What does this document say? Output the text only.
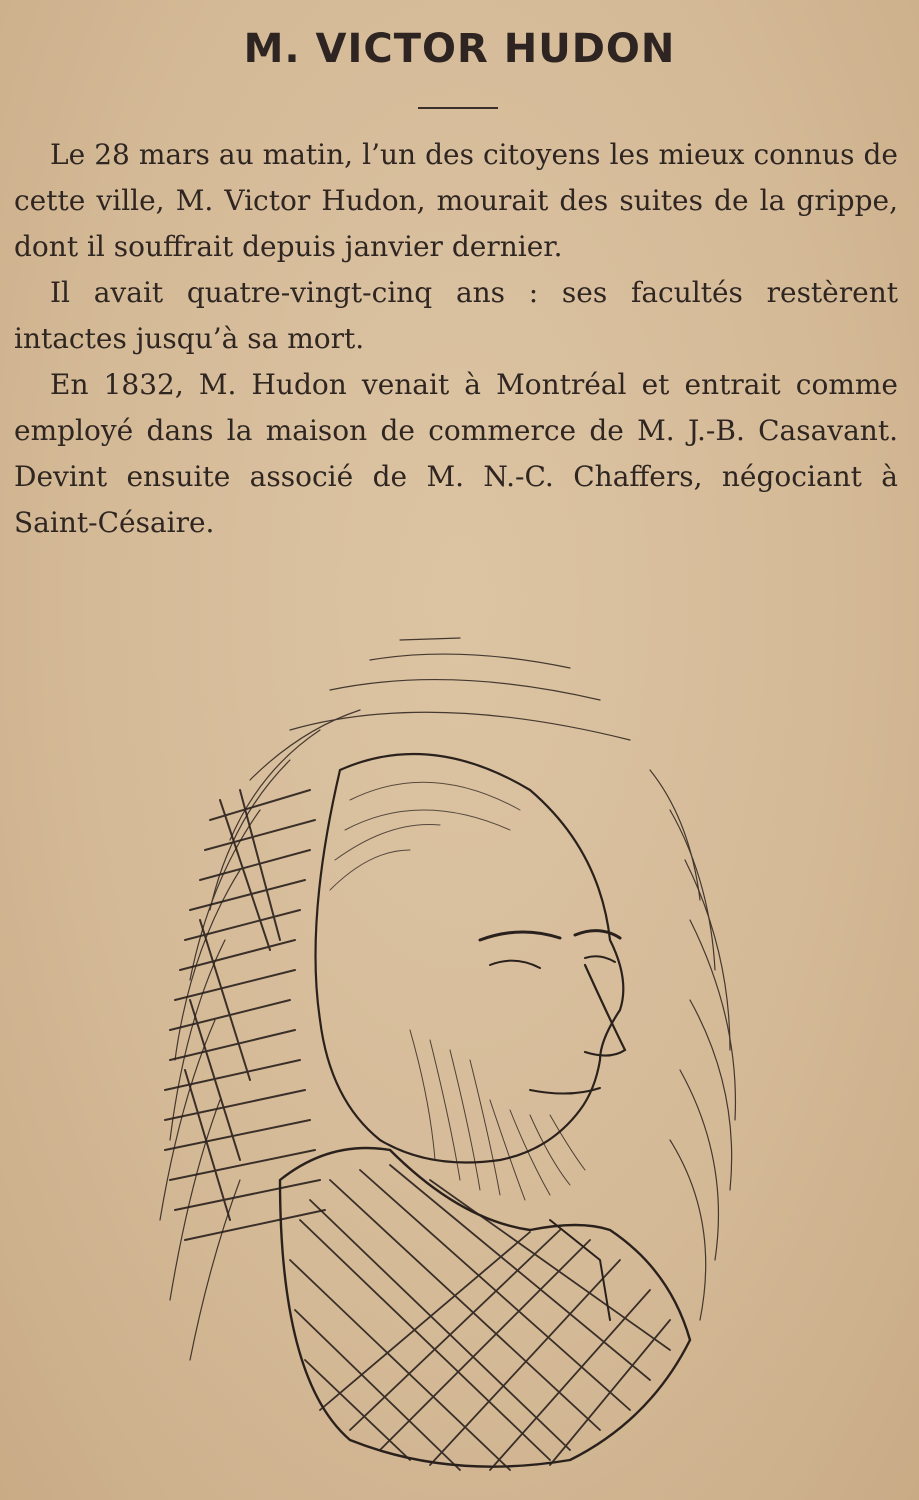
M. VICTOR HUDON

Le 28 mars au matin, l’un des citoyens les mieux connus de cette ville, M. Victor Hudon, mourait des suites de la grippe, dont il souffrait depuis janvier dernier.

Il avait quatre-vingt-cinq ans : ses facultés restèrent intactes jusqu’à sa mort.

En 1832, M. Hudon venait à Montréal et entrait comme employé dans la maison de commerce de M. J.-B. Casavant. Devint ensuite associé de M. N.-C. Chaffers, négociant à Saint-Césaire.
